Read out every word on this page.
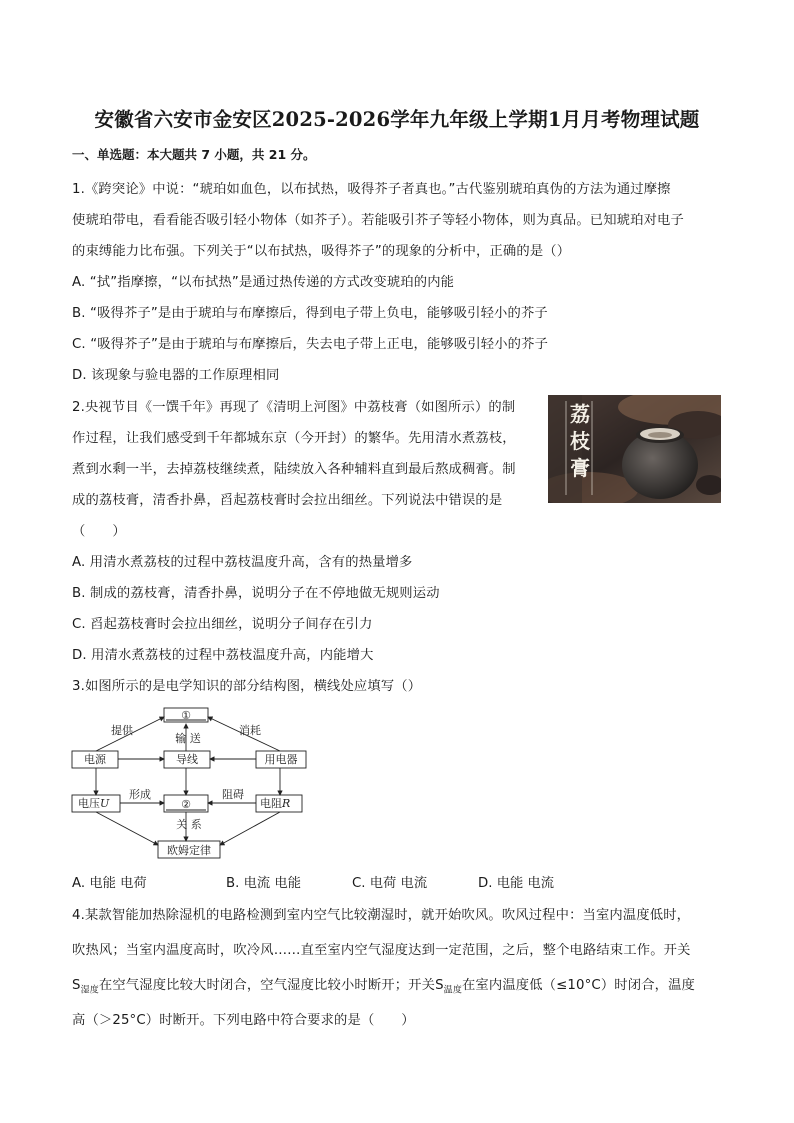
安徽省六安市金安区2025-2026学年九年级上学期1月月考物理试题
一、单选题：本大题共 7 小题，共 21 分。
1.《跨突论》中说：“琥珀如血色，以布拭热，吸得芥子者真也。”古代鉴别琥珀真伪的方法为通过摩擦
使琥珀带电，看看能否吸引轻小物体（如芥子）。若能吸引芥子等轻小物体，则为真品。已知琥珀对电子
的束缚能力比布强。下列关于“以布拭热，吸得芥子”的现象的分析中，正确的是（）
A. “拭”指摩擦，“以布拭热”是通过热传递的方式改变琥珀的内能
B. “吸得芥子”是由于琥珀与布摩擦后，得到电子带上负电，能够吸引轻小的芥子
C. “吸得芥子”是由于琥珀与布摩擦后，失去电子带上正电，能够吸引轻小的芥子
D. 该现象与验电器的工作原理相同
2.央视节目《一馔千年》再现了《清明上河图》中荔枝膏（如图所示）的制
作过程，让我们感受到千年都城东京（今开封）的繁华。先用清水煮荔枝，
煮到水剩一半，去掉荔枝继续煮，陆续放入各种辅料直到最后熬成稠膏。制
成的荔枝膏，清香扑鼻，舀起荔枝膏时会拉出细丝。下列说法中错误的是
（　　）
荔
枝
膏
A. 用清水煮荔枝的过程中荔枝温度升高，含有的热量增多
B. 制成的荔枝膏，清香扑鼻，说明分子在不停地做无规则运动
C. 舀起荔枝膏时会拉出细丝，说明分子间存在引力
D. 用清水煮荔枝的过程中荔枝温度升高，内能增大
3.如图所示的是电学知识的部分结构图，横线处应填写（）
①
②
提供	消耗
输 送
电源	导线	用电器
电压U	电阻R
形成	阻碍
关 系
欧姆定律
A. 电能 电荷	B. 电流 电能	C. 电荷 电流	D. 电能 电流
4.某款智能加热除湿机的电路检测到室内空气比较潮湿时，就开始吹风。吹风过程中：当室内温度低时，
吹热风；当室内温度高时，吹冷风……直至室内空气湿度达到一定范围，之后，整个电路结束工作。开关
$S_{湿度}$在空气湿度比较大时闭合，空气湿度比较小时断开；开关$S_{温度}$在室内温度低（≤10°C）时闭合，温度
高（＞25°C）时断开。下列电路中符合要求的是（　　）
